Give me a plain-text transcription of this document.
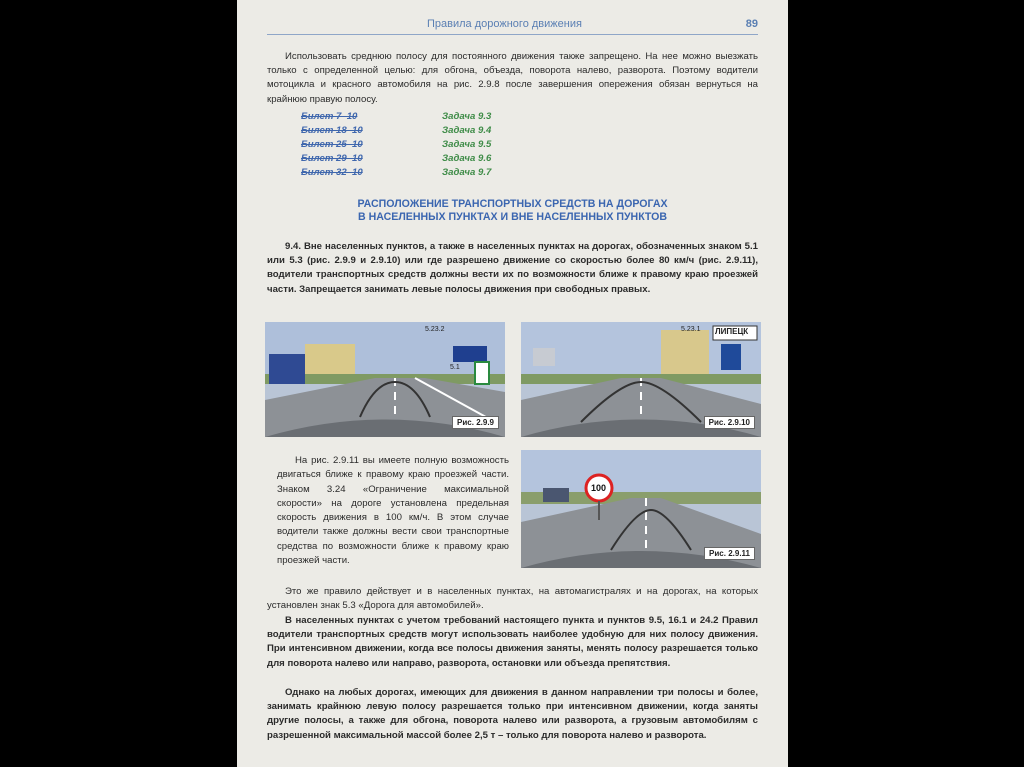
Правила дорожного движения	89
Использовать среднюю полосу для постоянного движения также запрещено. На нее можно выезжать только с определенной целью: для обгона, объезда, поворота налево, разворота. Поэтому водители мотоцикла и красного автомобиля на рис. 2.9.8 после завершения опережения обязан вернуться на крайнюю правую полосу.
Билет 7–10	Задача 9.3
Билет 18–10	Задача 9.4
Билет 25–10	Задача 9.5
Билет 29–10	Задача 9.6
Билет 32–10	Задача 9.7
РАСПОЛОЖЕНИЕ ТРАНСПОРТНЫХ СРЕДСТВ НА ДОРОГАХ
В НАСЕЛЕННЫХ ПУНКТАХ И ВНЕ НАСЕЛЕННЫХ ПУНКТОВ
9.4. Вне населенных пунктов, а также в населенных пунктах на дорогах, обозначенных знаком 5.1 или 5.3 (рис. 2.9.9 и 2.9.10) или где разрешено движение со скоростью более 80 км/ч (рис. 2.9.11), водители транспортных средств должны вести их по возможности ближе к правому краю проезжей части. Запрещается занимать левые полосы движения при свободных правых.
5.23.2
5.1
Рис. 2.9.9
5.23.1 ЛИПЕЦК
Рис. 2.9.10
100
Рис. 2.9.11
На рис. 2.9.11 вы имеете полную возможность двигаться ближе к правому краю проезжей части. Знаком 3.24 «Ограничение максимальной скорости» на дороге установлена предельная скорость движения в 100 км/ч. В этом случае водители также должны вести свои транспортные средства по возможности ближе к правому краю проезжей части.
Это же правило действует и в населенных пунктах, на автомагистралях и на дорогах, на которых установлен знак 5.3 «Дорога для автомобилей».
В населенных пунктах с учетом требований настоящего пункта и пунктов 9.5, 16.1 и 24.2 Правил водители транспортных средств могут использовать наиболее удобную для них полосу движения. При интенсивном движении, когда все полосы движения заняты, менять полосу разрешается только для поворота налево или направо, разворота, остановки или объезда препятствия.
Однако на любых дорогах, имеющих для движения в данном направлении три полосы и более, занимать крайнюю левую полосу разрешается только при интенсивном движении, когда заняты другие полосы, а также для обгона, поворота налево или разворота, а грузовым автомобилям с разрешенной максимальной массой более 2,5 т – только для поворота налево и разворота.
